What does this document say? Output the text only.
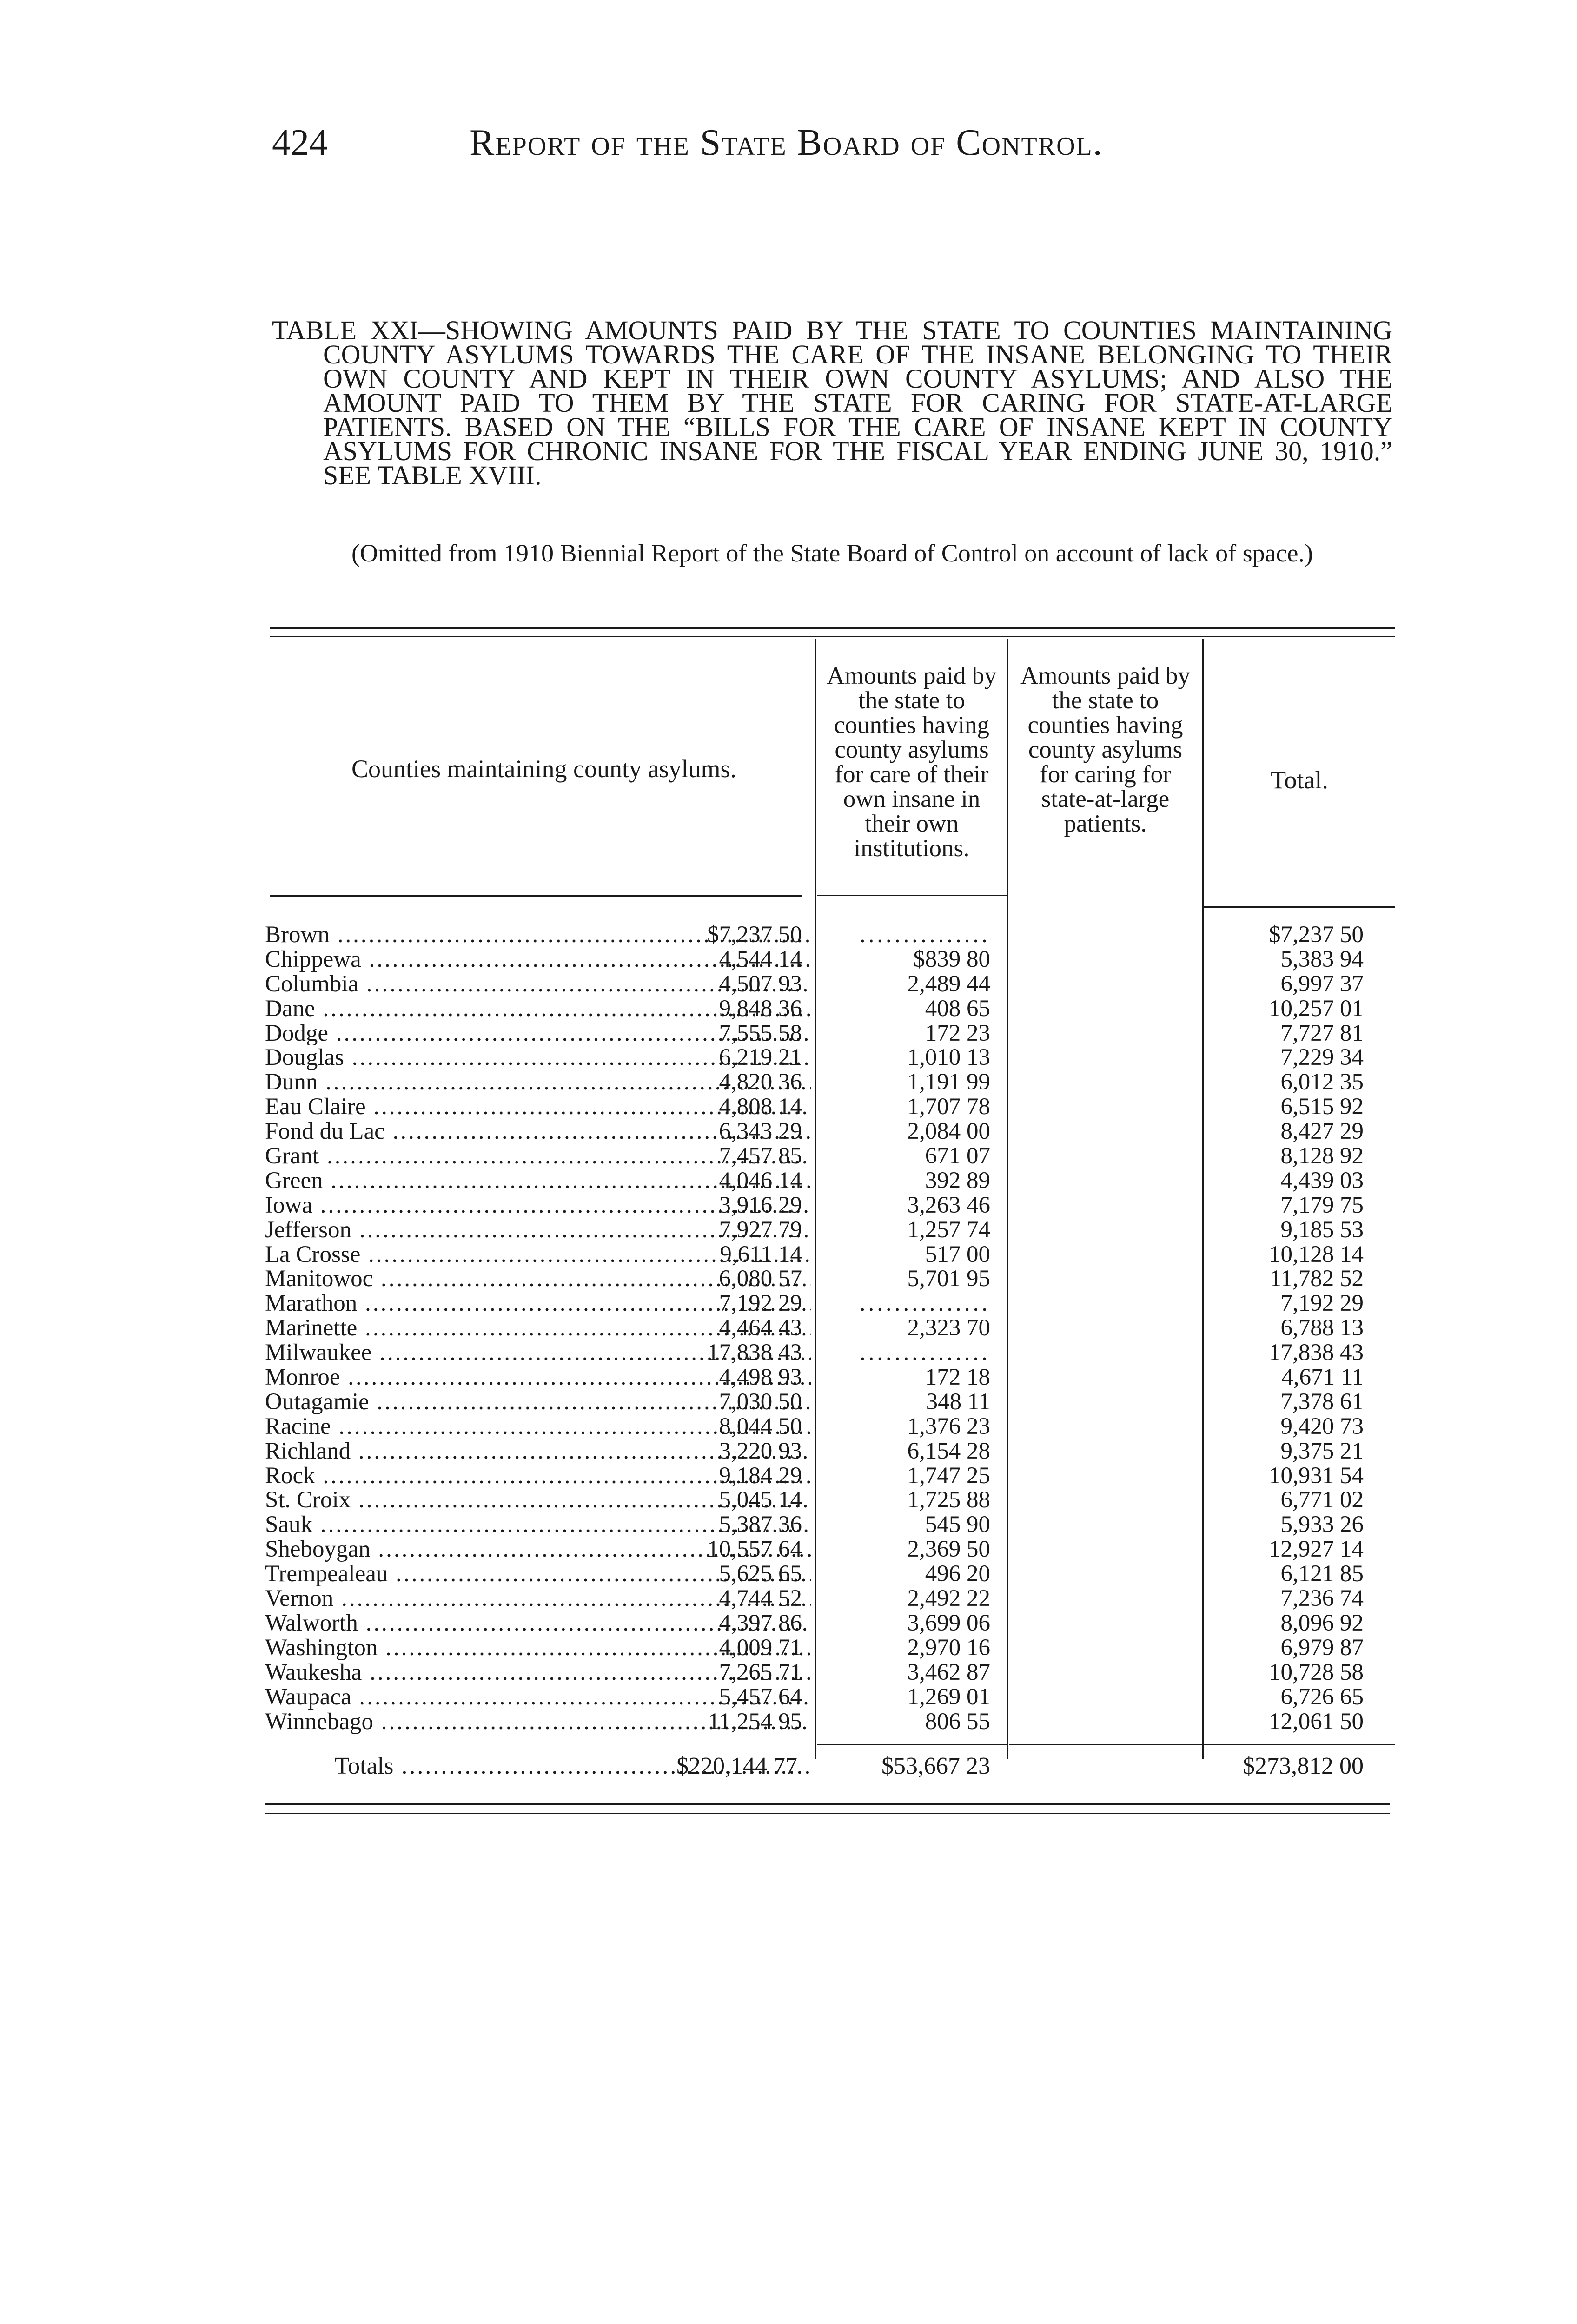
424	Report of the State Board of Control.
TABLE XXI—SHOWING AMOUNTS PAID BY THE STATE TO COUNTIES MAINTAINING COUNTY ASYLUMS TOWARDS THE CARE OF THE INSANE BELONGING TO THEIR OWN COUNTY AND KEPT IN THEIR OWN COUNTY ASYLUMS; AND ALSO THE AMOUNT PAID TO THEM BY THE STATE FOR CARING FOR STATE-AT-LARGE PATIENTS. BASED ON THE “BILLS FOR THE CARE OF INSANE KEPT IN COUNTY ASYLUMS FOR CHRONIC INSANE FOR THE FISCAL YEAR ENDING JUNE 30, 1910.” SEE TABLE XVIII.
(Omitted from 1910 Biennial Report of the State Board of Control on account of lack of space.)
Counties maintaining county asylums.
Amounts paid by the state to counties having county asylums for care of their own insane in their own institutions.
Amounts paid by the state to counties having county asylums for caring for state-at-large patients.
Total.
Brown .....	$7,237 50 ...............	$7,237 50
Chippewa .....	4,544 14	$839 80	5,383 94
Columbia .....	4,507 93	2,489 44	6,997 37
Dane .....	9,848 36	408 65	10,257 01
Dodge .....	7,555 58	172 23	7,727 81
Douglas .....	6,219 21	1,010 13	7,229 34
Dunn .....	4,820 36	1,191 99	6,012 35
Eau Claire .....	4,808 14	1,707 78	6,515 92
Fond du Lac .....	6,343 29	2,084 00	8,427 29
Grant .....	7,457 85	671 07	8,128 92
Green .....	4,046 14	392 89	4,439 03
Iowa .....	3,916 29	3,263 46	7,179 75
Jefferson .....	7,927 79	1,257 74	9,185 53
La Crosse .....	9,611 14	517 00	10,128 14
Manitowoc .....	6,080 57	5,701 95	11,782 52
Marathon .....	7,192 29 ...............	7,192 29
Marinette .....	4,464 43	2,323 70	6,788 13
Milwaukee .....	17,838 43 ...............	17,838 43
Monroe .....	4,498 93	172 18	4,671 11
Outagamie .....	7,030 50	348 11	7,378 61
Racine .....	8,044 50	1,376 23	9,420 73
Richland .....	3,220 93	6,154 28	9,375 21
Rock .....	9,184 29	1,747 25	10,931 54
St. Croix .....	5,045 14	1,725 88	6,771 02
Sauk .....	5,387 36	545 90	5,933 26
Sheboygan .....	10,557 64	2,369 50	12,927 14
Trempealeau .....	5,625 65	496 20	6,121 85
Vernon .....	4,744 52	2,492 22	7,236 74
Walworth .....	4,397 86	3,699 06	8,096 92
Washington .....	4,009 71	2,970 16	6,979 87
Waukesha .....	7,265 71	3,462 87	10,728 58
Waupaca .....	5,457 64	1,269 01	6,726 65
Winnebago .....	11,254 95	806 55	12,061 50
Totals .....	$220,144 77	$53,667 23	$273,812 00
